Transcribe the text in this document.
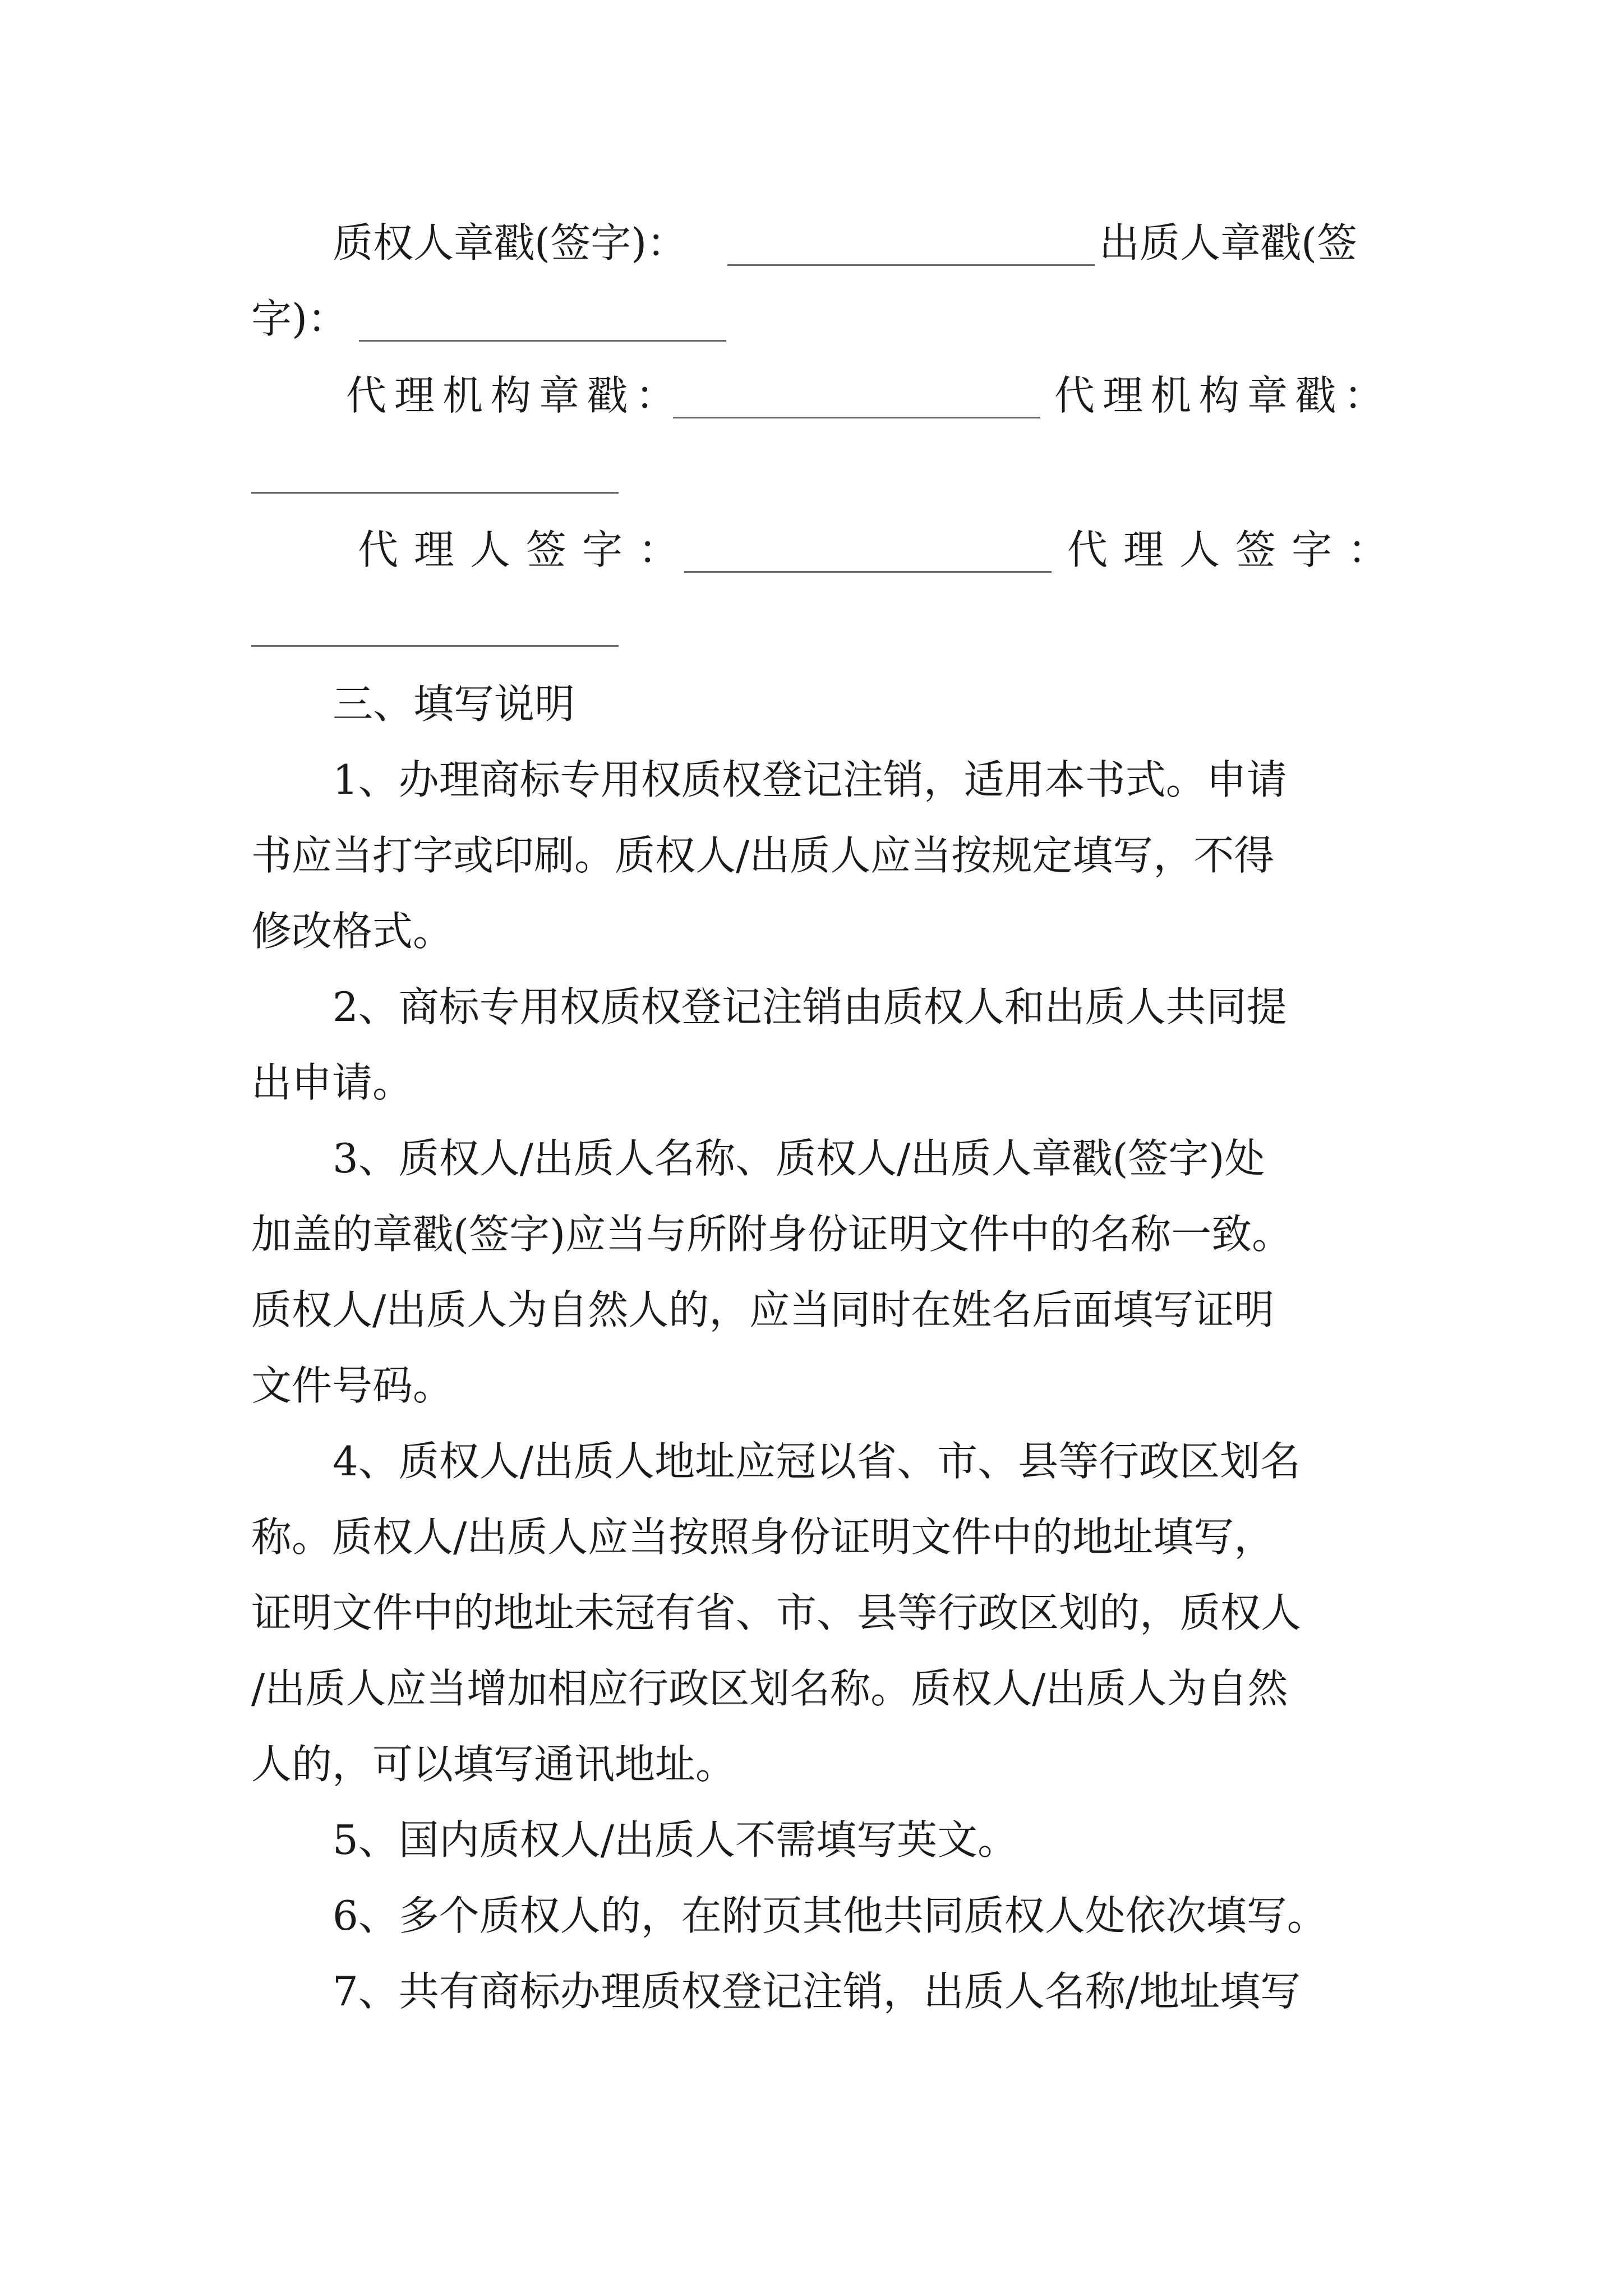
质权人章戳(签字)：	出质人章戳(签
字)：
代理机构章戳：	代理机构章戳：
代理人签字：	代理人签字：
三、填写说明
1、办理商标专用权质权登记注销，适用本书式。申请
书应当打字或印刷。质权人/出质人应当按规定填写，不得
修改格式。
2、商标专用权质权登记注销由质权人和出质人共同提
出申请。
3、质权人/出质人名称、质权人/出质人章戳(签字)处
加盖的章戳(签字)应当与所附身份证明文件中的名称一致。
质权人/出质人为自然人的，应当同时在姓名后面填写证明
文件号码。
4、质权人/出质人地址应冠以省、市、县等行政区划名
称。质权人/出质人应当按照身份证明文件中的地址填写，
证明文件中的地址未冠有省、市、县等行政区划的，质权人
/出质人应当增加相应行政区划名称。质权人/出质人为自然
人的，可以填写通讯地址。
5、国内质权人/出质人不需填写英文。
6、多个质权人的，在附页其他共同质权人处依次填写。
7、共有商标办理质权登记注销，出质人名称/地址填写
